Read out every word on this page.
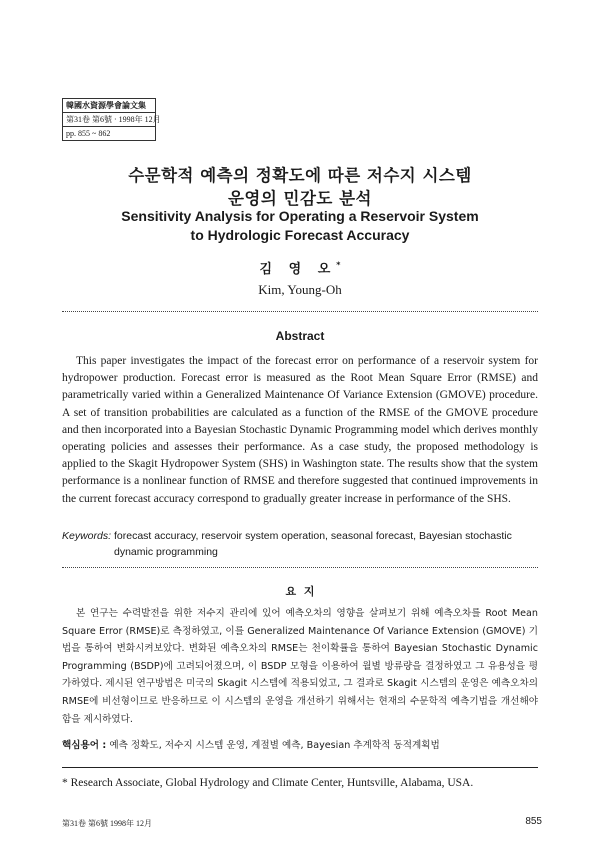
韓國水資源學會論文集
第31卷 第6號 · 1998年 12月
pp. 855 ~ 862
수문학적 예측의 정확도에 따른 저수지 시스템
운영의 민감도 분석
Sensitivity Analysis for Operating a Reservoir System
to Hydrologic Forecast Accuracy
김 영 오*
Kim, Young-Oh
Abstract

This paper investigates the impact of the forecast error on performance of a reservoir system for hydropower production. Forecast error is measured as the Root Mean Square Error (RMSE) and parametrically varied within a Generalized Maintenance Of Variance Extension (GMOVE) procedure. A set of transition probabilities are calculated as a function of the RMSE of the GMOVE procedure and then incorporated into a Bayesian Stochastic Dynamic Programming model which derives monthly operating policies and assesses their performance. As a case study, the proposed methodology is applied to the Skagit Hydropower System (SHS) in Washington state. The results show that the system performance is a nonlinear function of RMSE and therefore suggested that continued improvements in the current forecast accuracy correspond to gradually greater increase in performance of the SHS.

Keywords: forecast accuracy, reservoir system operation, seasonal forecast, Bayesian stochastic dynamic programming
요  지

본 연구는 수력발전을 위한 저수지 관리에 있어 예측오차의 영향을 살펴보기 위해 예측오차를 Root Mean Square Error (RMSE)로 측정하였고, 이를 Generalized Maintenance Of Variance Extension (GMOVE) 기법을 통하여 변화시켜보았다. 변화된 예측오차의 RMSE는 천이확률을 통하여 Bayesian Stochastic Dynamic Programming (BSDP)에 고려되어졌으며, 이 BSDP 모형을 이용하여 월별 방류량을 결정하였고 그 유용성을 평가하였다. 제시된 연구방법은 미국의 Skagit 시스템에 적용되었고, 그 결과로 Skagit 시스템의 운영은 예측오차의 RMSE에 비선형이므로 반응하므로 이 시스템의 운영을 개선하기 위해서는 현재의 수문학적 예측기법을 개선해야함을 제시하였다.

핵심용어 : 예측 정확도, 저수지 시스템 운영, 계절별 예측, Bayesian 추계학적 동적계획법
* Research Associate, Global Hydrology and Climate Center, Huntsville, Alabama, USA.
第31卷 第6號 1998年 12月	855
